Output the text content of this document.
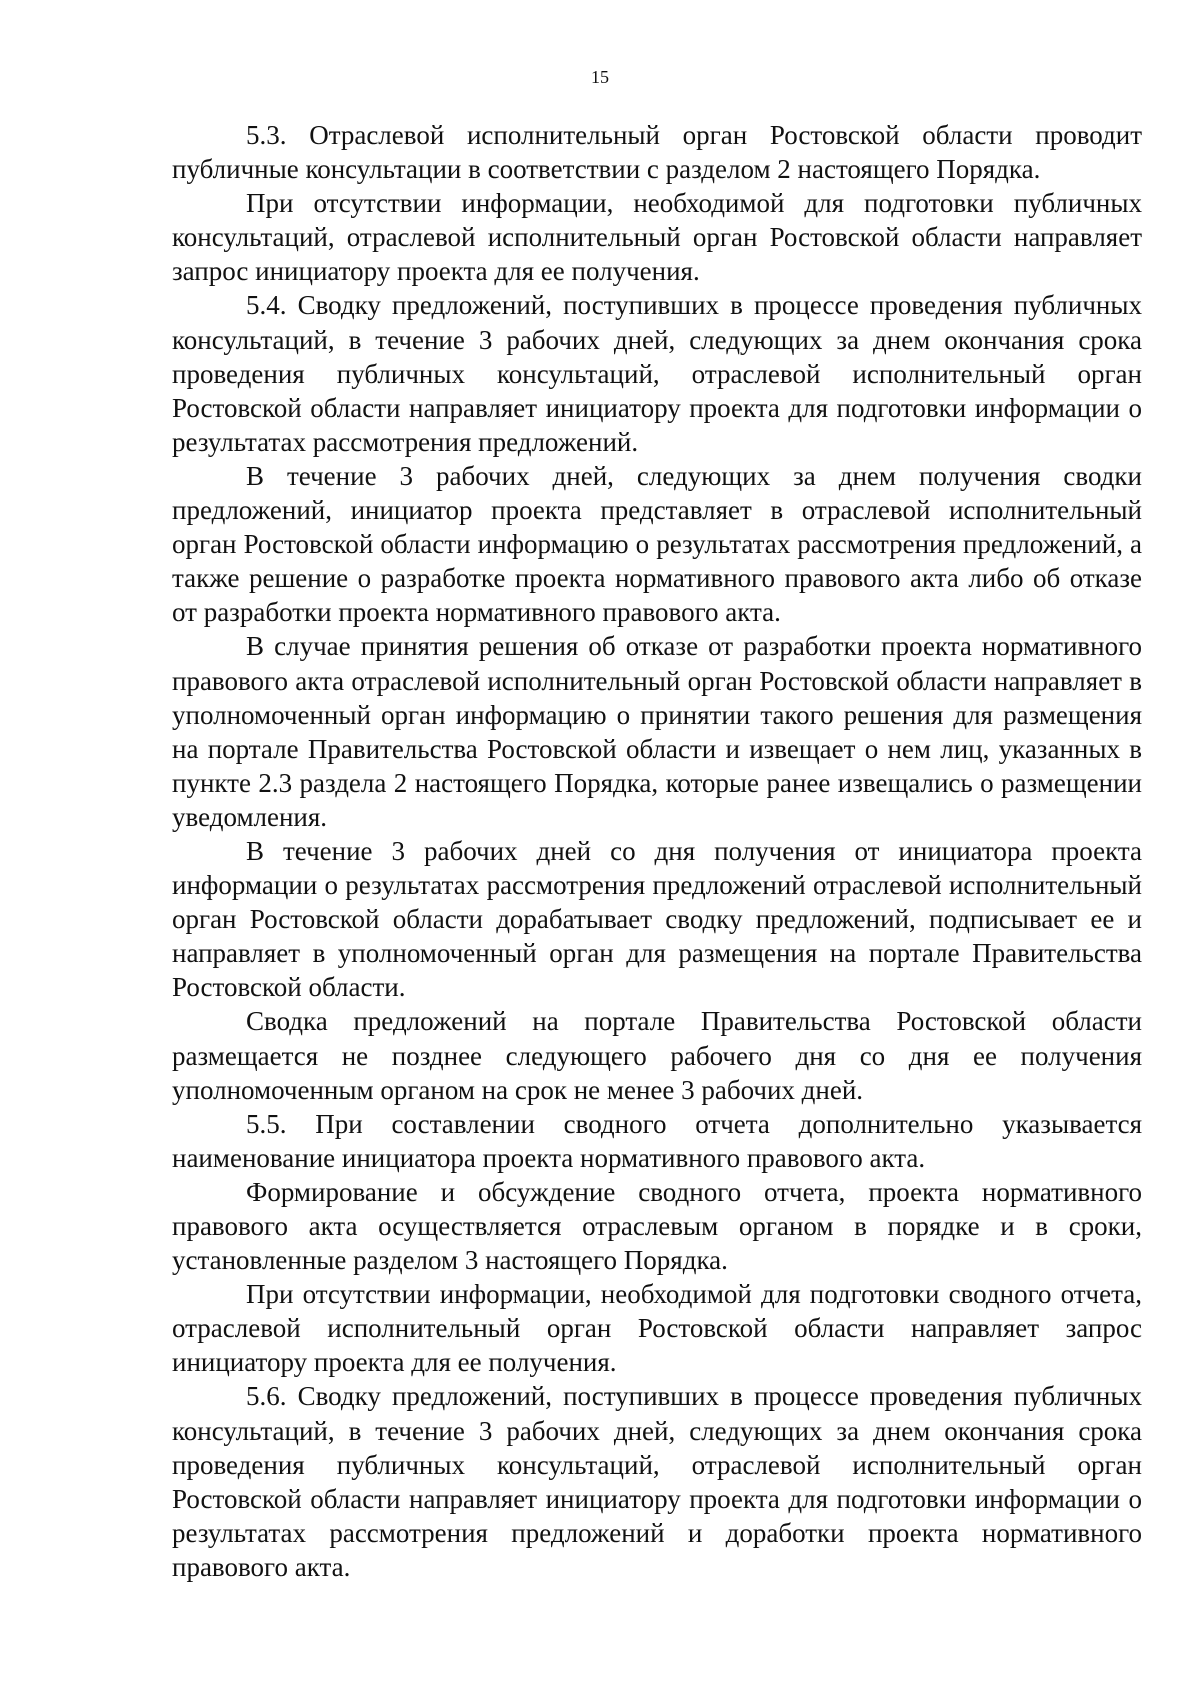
15

5.3. Отраслевой исполнительный орган Ростовской области проводит публичные консультации в соответствии с разделом 2 настоящего Порядка.

При отсутствии информации, необходимой для подготовки публичных консультаций, отраслевой исполнительный орган Ростовской области направляет запрос инициатору проекта для ее получения.

5.4. Сводку предложений, поступивших в процессе проведения публичных консультаций, в течение 3 рабочих дней, следующих за днем окончания срока проведения публичных консультаций, отраслевой исполнительный орган Ростовской области направляет инициатору проекта для подготовки информации о результатах рассмотрения предложений.

В течение 3 рабочих дней, следующих за днем получения сводки предложений, инициатор проекта представляет в отраслевой исполнительный орган Ростовской области информацию о результатах рассмотрения предложений, а также решение о разработке проекта нормативного правового акта либо об отказе от разработки проекта нормативного правового акта.

В случае принятия решения об отказе от разработки проекта нормативного правового акта отраслевой исполнительный орган Ростовской области направляет в уполномоченный орган информацию о принятии такого решения для размещения на портале Правительства Ростовской области и извещает о нем лиц, указанных в пункте 2.3 раздела 2 настоящего Порядка, которые ранее извещались о размещении уведомления.

В течение 3 рабочих дней со дня получения от инициатора проекта информации о результатах рассмотрения предложений отраслевой исполнительный орган Ростовской области дорабатывает сводку предложений, подписывает ее и направляет в уполномоченный орган для размещения на портале Правительства Ростовской области.

Сводка предложений на портале Правительства Ростовской области размещается не позднее следующего рабочего дня со дня ее получения уполномоченным органом на срок не менее 3 рабочих дней.

5.5. При составлении сводного отчета дополнительно указывается наименование инициатора проекта нормативного правового акта.

Формирование и обсуждение сводного отчета, проекта нормативного правового акта осуществляется отраслевым органом в порядке и в сроки, установленные разделом 3 настоящего Порядка.

При отсутствии информации, необходимой для подготовки сводного отчета, отраслевой исполнительный орган Ростовской области направляет запрос инициатору проекта для ее получения.

5.6. Сводку предложений, поступивших в процессе проведения публичных консультаций, в течение 3 рабочих дней, следующих за днем окончания срока проведения публичных консультаций, отраслевой исполнительный орган Ростовской области направляет инициатору проекта для подготовки информации о результатах рассмотрения предложений и доработки проекта нормативного правового акта.
